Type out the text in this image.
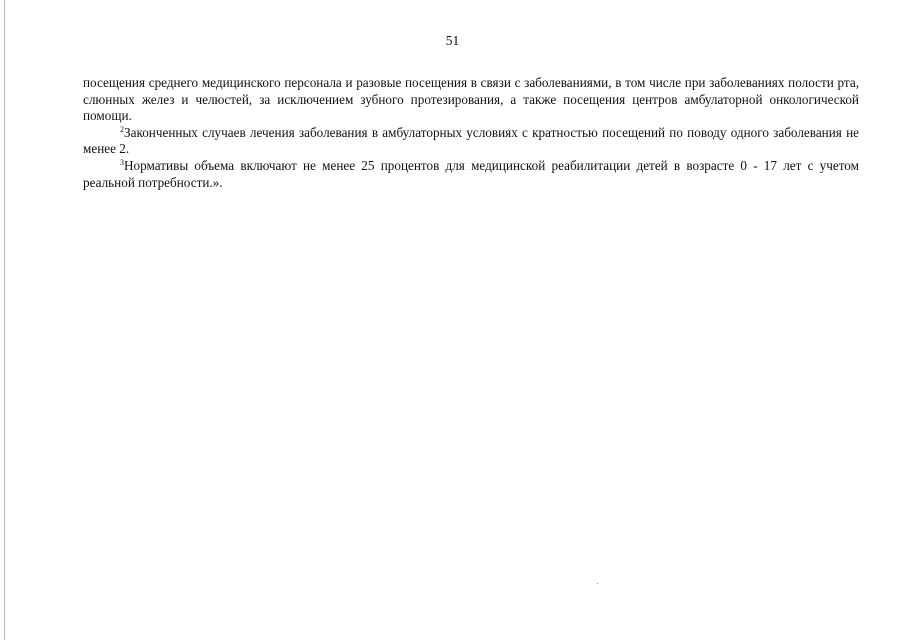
51

посещения среднего медицинского персонала и разовые посещения в связи с заболеваниями, в том числе при заболеваниях полости рта, слюнных желез и челюстей, за исключением зубного протезирования, а также посещения центров амбулаторной онкологической помощи.

$^2$Законченных случаев лечения заболевания в амбулаторных условиях с кратностью посещений по поводу одного заболевания не менее 2.

$^3$Нормативы объема включают не менее 25 процентов для медицинской реабилитации детей в возрасте 0 - 17 лет с учетом реальной потребности.».
